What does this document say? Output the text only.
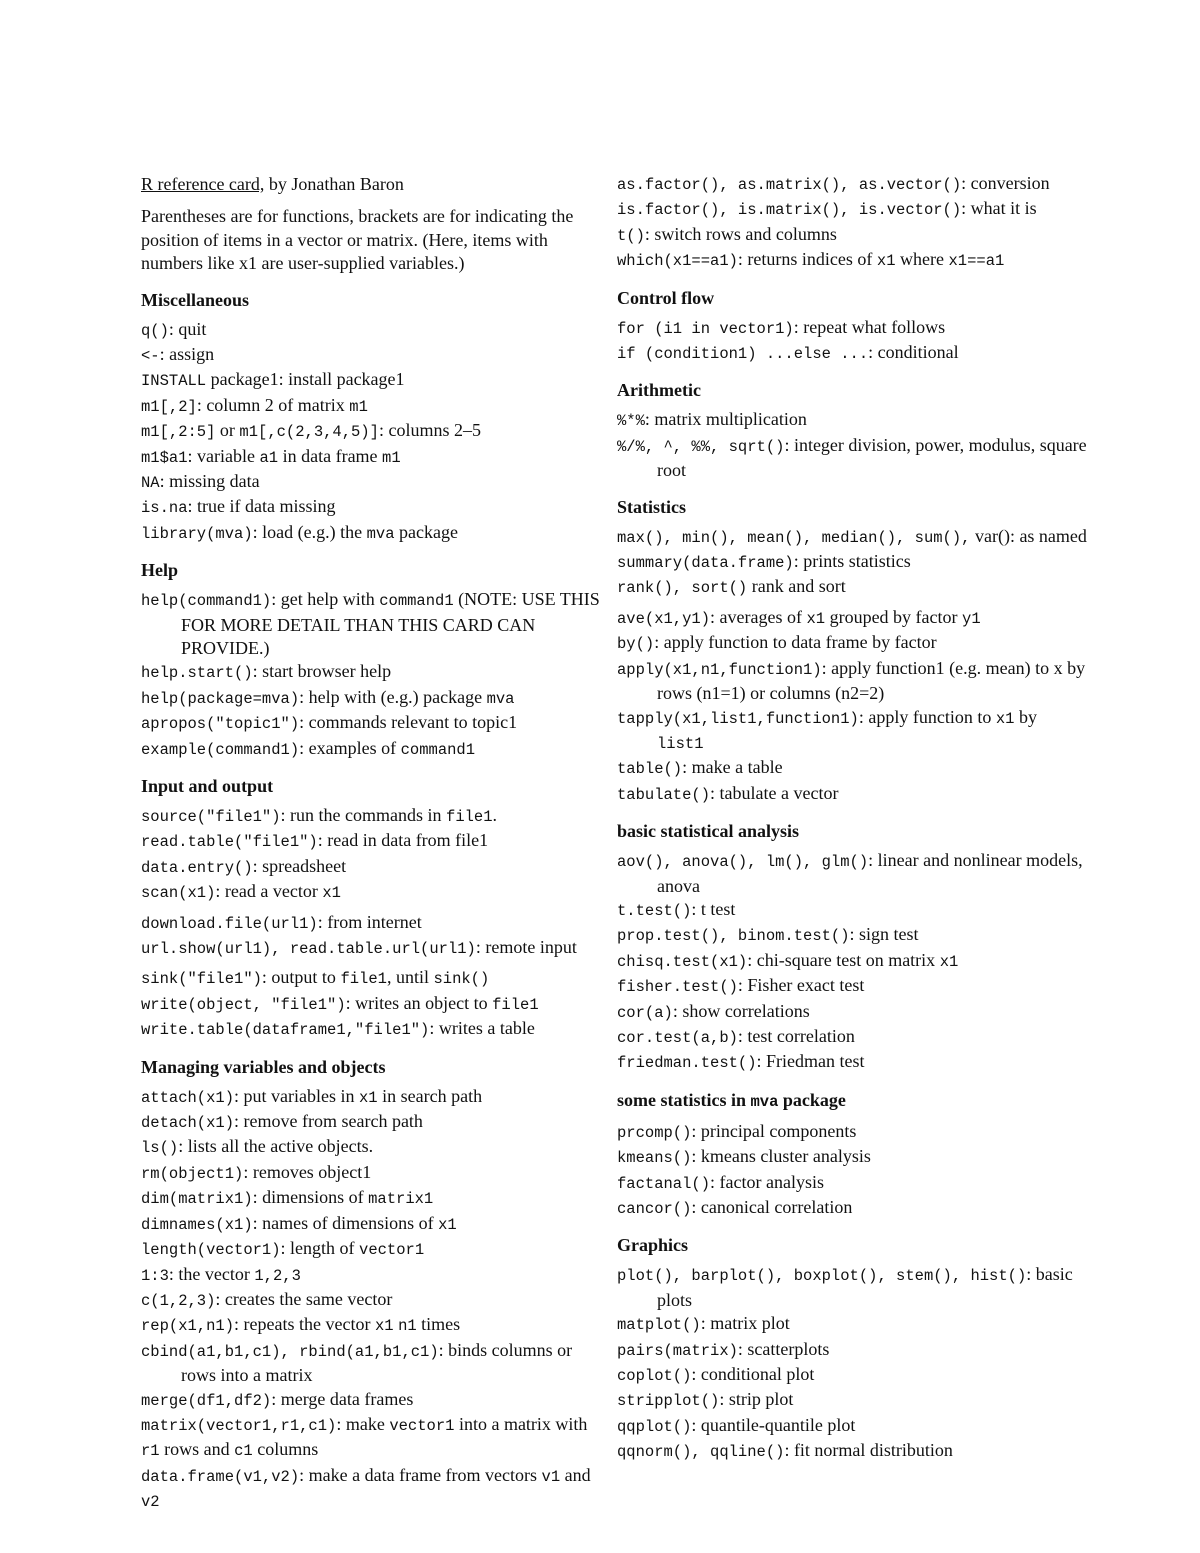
R reference card, by Jonathan Baron
Parentheses are for functions, brackets are for indicating the position of items in a vector or matrix. (Here, items with numbers like x1 are user-supplied variables.)
Miscellaneous
q(): quit
<-: assign
INSTALL package1: install package1
m1[,2]: column 2 of matrix m1
m1[,2:5] or m1[,c(2,3,4,5)]: columns 2–5
m1$a1: variable a1 in data frame m1
NA: missing data
is.na: true if data missing
library(mva): load (e.g.) the mva package
Help
help(command1): get help with command1 (NOTE: USE THIS FOR MORE DETAIL THAN THIS CARD CAN PROVIDE.)
help.start(): start browser help
help(package=mva): help with (e.g.) package mva
apropos("topic1"): commands relevant to topic1
example(command1): examples of command1
Input and output
source("file1"): run the commands in file1.
read.table("file1"): read in data from file1
data.entry(): spreadsheet
scan(x1): read a vector x1
download.file(url1): from internet
url.show(url1), read.table.url(url1): remote input
sink("file1"): output to file1, until sink()
write(object, "file1"): writes an object to file1
write.table(dataframe1,"file1"): writes a table
Managing variables and objects
attach(x1): put variables in x1 in search path
detach(x1): remove from search path
ls(): lists all the active objects.
rm(object1): removes object1
dim(matrix1): dimensions of matrix1
dimnames(x1): names of dimensions of x1
length(vector1): length of vector1
1:3: the vector 1,2,3
c(1,2,3): creates the same vector
rep(x1,n1): repeats the vector x1 n1 times
cbind(a1,b1,c1), rbind(a1,b1,c1): binds columns or rows into a matrix
merge(df1,df2): merge data frames
matrix(vector1,r1,c1): make vector1 into a matrix with r1 rows and c1 columns
data.frame(v1,v2): make a data frame from vectors v1 and v2
as.factor(), as.matrix(), as.vector(): conversion
is.factor(), is.matrix(), is.vector(): what it is
t(): switch rows and columns
which(x1==a1): returns indices of x1 where x1==a1
Control flow
for (i1 in vector1): repeat what follows
if (condition1) ...else ...: conditional
Arithmetic
%*%: matrix multiplication
%/%, ^, %%, sqrt(): integer division, power, modulus, square root
Statistics
max(), min(), mean(), median(), sum(), var(): as named
summary(data.frame): prints statistics
rank(), sort() rank and sort
ave(x1,y1): averages of x1 grouped by factor y1
by(): apply function to data frame by factor
apply(x1,n1,function1): apply function1 (e.g. mean) to x by rows (n1=1) or columns (n2=2)
tapply(x1,list1,function1): apply function to x1 by list1
table(): make a table
tabulate(): tabulate a vector
basic statistical analysis
aov(), anova(), lm(), glm(): linear and nonlinear models, anova
t.test(): t test
prop.test(), binom.test(): sign test
chisq.test(x1): chi-square test on matrix x1
fisher.test(): Fisher exact test
cor(a): show correlations
cor.test(a,b): test correlation
friedman.test(): Friedman test
some statistics in mva package
prcomp(): principal components
kmeans(): kmeans cluster analysis
factanal(): factor analysis
cancor(): canonical correlation
Graphics
plot(), barplot(), boxplot(), stem(), hist(): basic plots
matplot(): matrix plot
pairs(matrix): scatterplots
coplot(): conditional plot
stripplot(): strip plot
qqplot(): quantile-quantile plot
qqnorm(), qqline(): fit normal distribution
